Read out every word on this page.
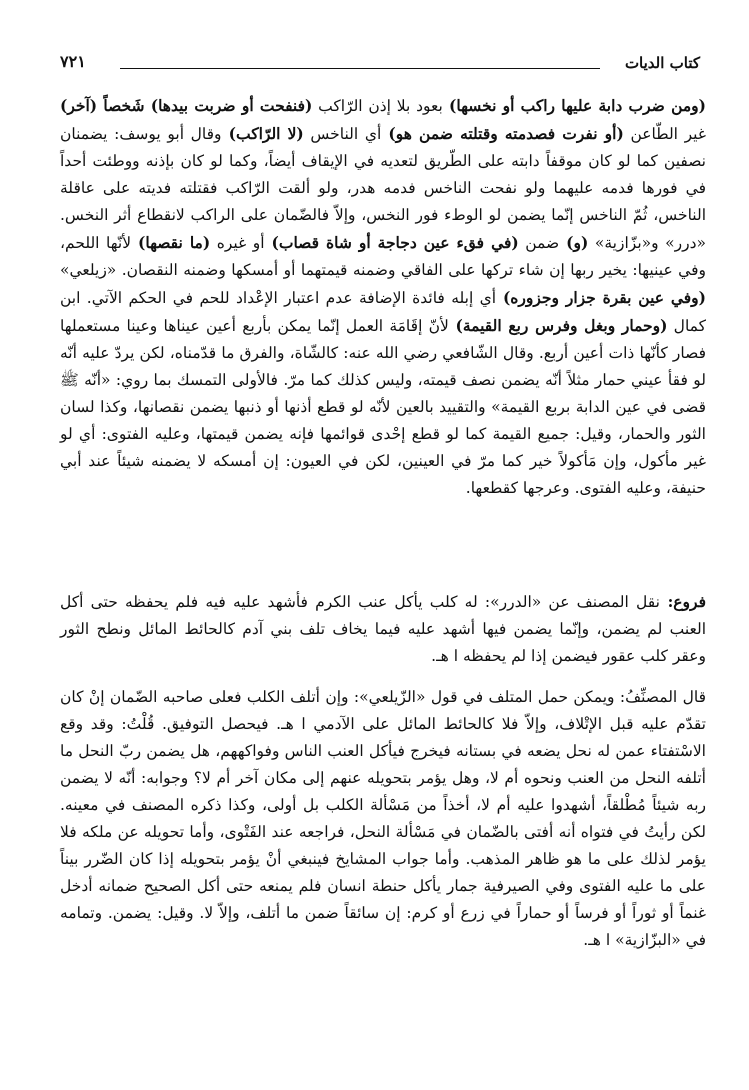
كتاب الديات
٧٢١
(ومن ضرب دابة عليها راكب أو نخسها) بعود بلا إذن الرّاكب (فنفحت أو ضربت بيدها) شَخصاً (آخر) غير الطّاعن (أو نفرت فصدمته وقتلته ضمن هو) أي الناخس (لا الرّاكب) وقال أبو يوسف: يضمنان نصفين كما لو كان موقفاً دابته على الطّريق لتعديه في الإيقاف أيضاً، وكما لو كان بإذنه ووطئت أحداً في فورها فدمه عليهما ولو نفحت الناخس فدمه هدر، ولو ألقت الرّاكب فقتلته فديته على عاقلة الناخس، ثُمّ الناخس إنّما يضمن لو الوطء فور النخس، وإلاّ فالضّمان على الراكب لانقطاع أثر النخس. «درر» و«بزّازية» (و) ضمن (في فقء عين دجاجة أو شاة قصاب) أو غيره (ما نقصها) لأنّها اللحم، وفي عينيها: يخير ربها إن شاء تركها على الفاقي وضمنه قيمتهما أو أمسكها وضمنه النقصان. «زيلعي» (وفي عين بقرة جزار وجزوره) أي إبله فائدة الإضافة عدم اعتبار الإعْداد للحم في الحكم الآتي. ابن كمال (وحمار وبغل وفرس ربع القيمة) لأنّ إقَامَة العمل إنّما يمكن بأربع أعين عيناها وعينا مستعملها فصار كأنّها ذات أعين أربع. وقال الشّافعي رضي الله عنه: كالشّاة، والفرق ما قدّمناه، لكن يردّ عليه أنّه لو فقأ عيني حمار مثلاً أنّه يضمن نصف قيمته، وليس كذلك كما مرّ. فالأولى التمسك بما روي: «أنّه ﷺ قضى في عين الدابة بربع القيمة» والتقييد بالعين لأنّه لو قطع أذنها أو ذنبها يضمن نقصانها، وكذا لسان الثور والحمار، وقيل: جميع القيمة كما لو قطع إحْدى قوائمها فإنه يضمن قيمتها، وعليه الفتوى: أي لو غير مأكول، وإن مَأكولاً خير كما مرّ في العينين، لكن في العيون: إن أمسكه لا يضمنه شيئاً عند أبي حنيفة، وعليه الفتوى. وعرجها كقطعها.
فروع: نقل المصنف عن «الدرر»: له كلب يأكل عنب الكرم فأشهد عليه فيه فلم يحفظه حتى أكل العنب لم يضمن، وإنّما يضمن فيها أشهد عليه فيما يخاف تلف بني آدم كالحائط المائل ونطح الثور وعقر كلب عقور فيضمن إذا لم يحفظه ا هـ.
قال المصنِّفُ: ويمكن حمل المتلف في قول «الزّيلعي»: وإن أتلف الكلب فعلى صاحبه الضّمان إنْ كان تقدّم عليه قبل الإتْلاف، وإلاّ فلا كالحائط المائل على الآدمي ا هـ. فيحصل التوفيق. قُلْتُ: وقد وقع الاسْتفتاء عمن له نحل يضعه في بستانه فيخرج فيأكل العنب الناس وفواكههم، هل يضمن ربّ النحل ما أتلفه النحل من العنب ونحوه أم لا، وهل يؤمر بتحويله عنهم إلى مكان آخر أم لا؟ وجوابه: أنّه لا يضمن ربه شيئاً مُطْلقاً، أشهدوا عليه أم لا، أخذاً من مَسْألة الكلب بل أولى، وكذا ذكره المصنف في معينه. لكن رأيتُ في فتواه أنه أفتى بالضّمان في مَسْألة النحل، فراجعه عند الفَتْوى، وأما تحويله عن ملكه فلا يؤمر لذلك على ما هو ظاهر المذهب. وأما جواب المشايخ فينبغي أنْ يؤمر بتحويله إذا كان الضّرر بيناً على ما عليه الفتوى وفي الصيرفية جمار يأكل حنطة انسان فلم يمنعه حتى أكل الصحيح ضمانه أدخل غنماً أو ثوراً أو فرساً أو حماراً في زرع أو كرم: إن سائقاً ضمن ما أتلف، وإلاّ لا. وقيل: يضمن. وتمامه في «البزّازية» ا هـ.
